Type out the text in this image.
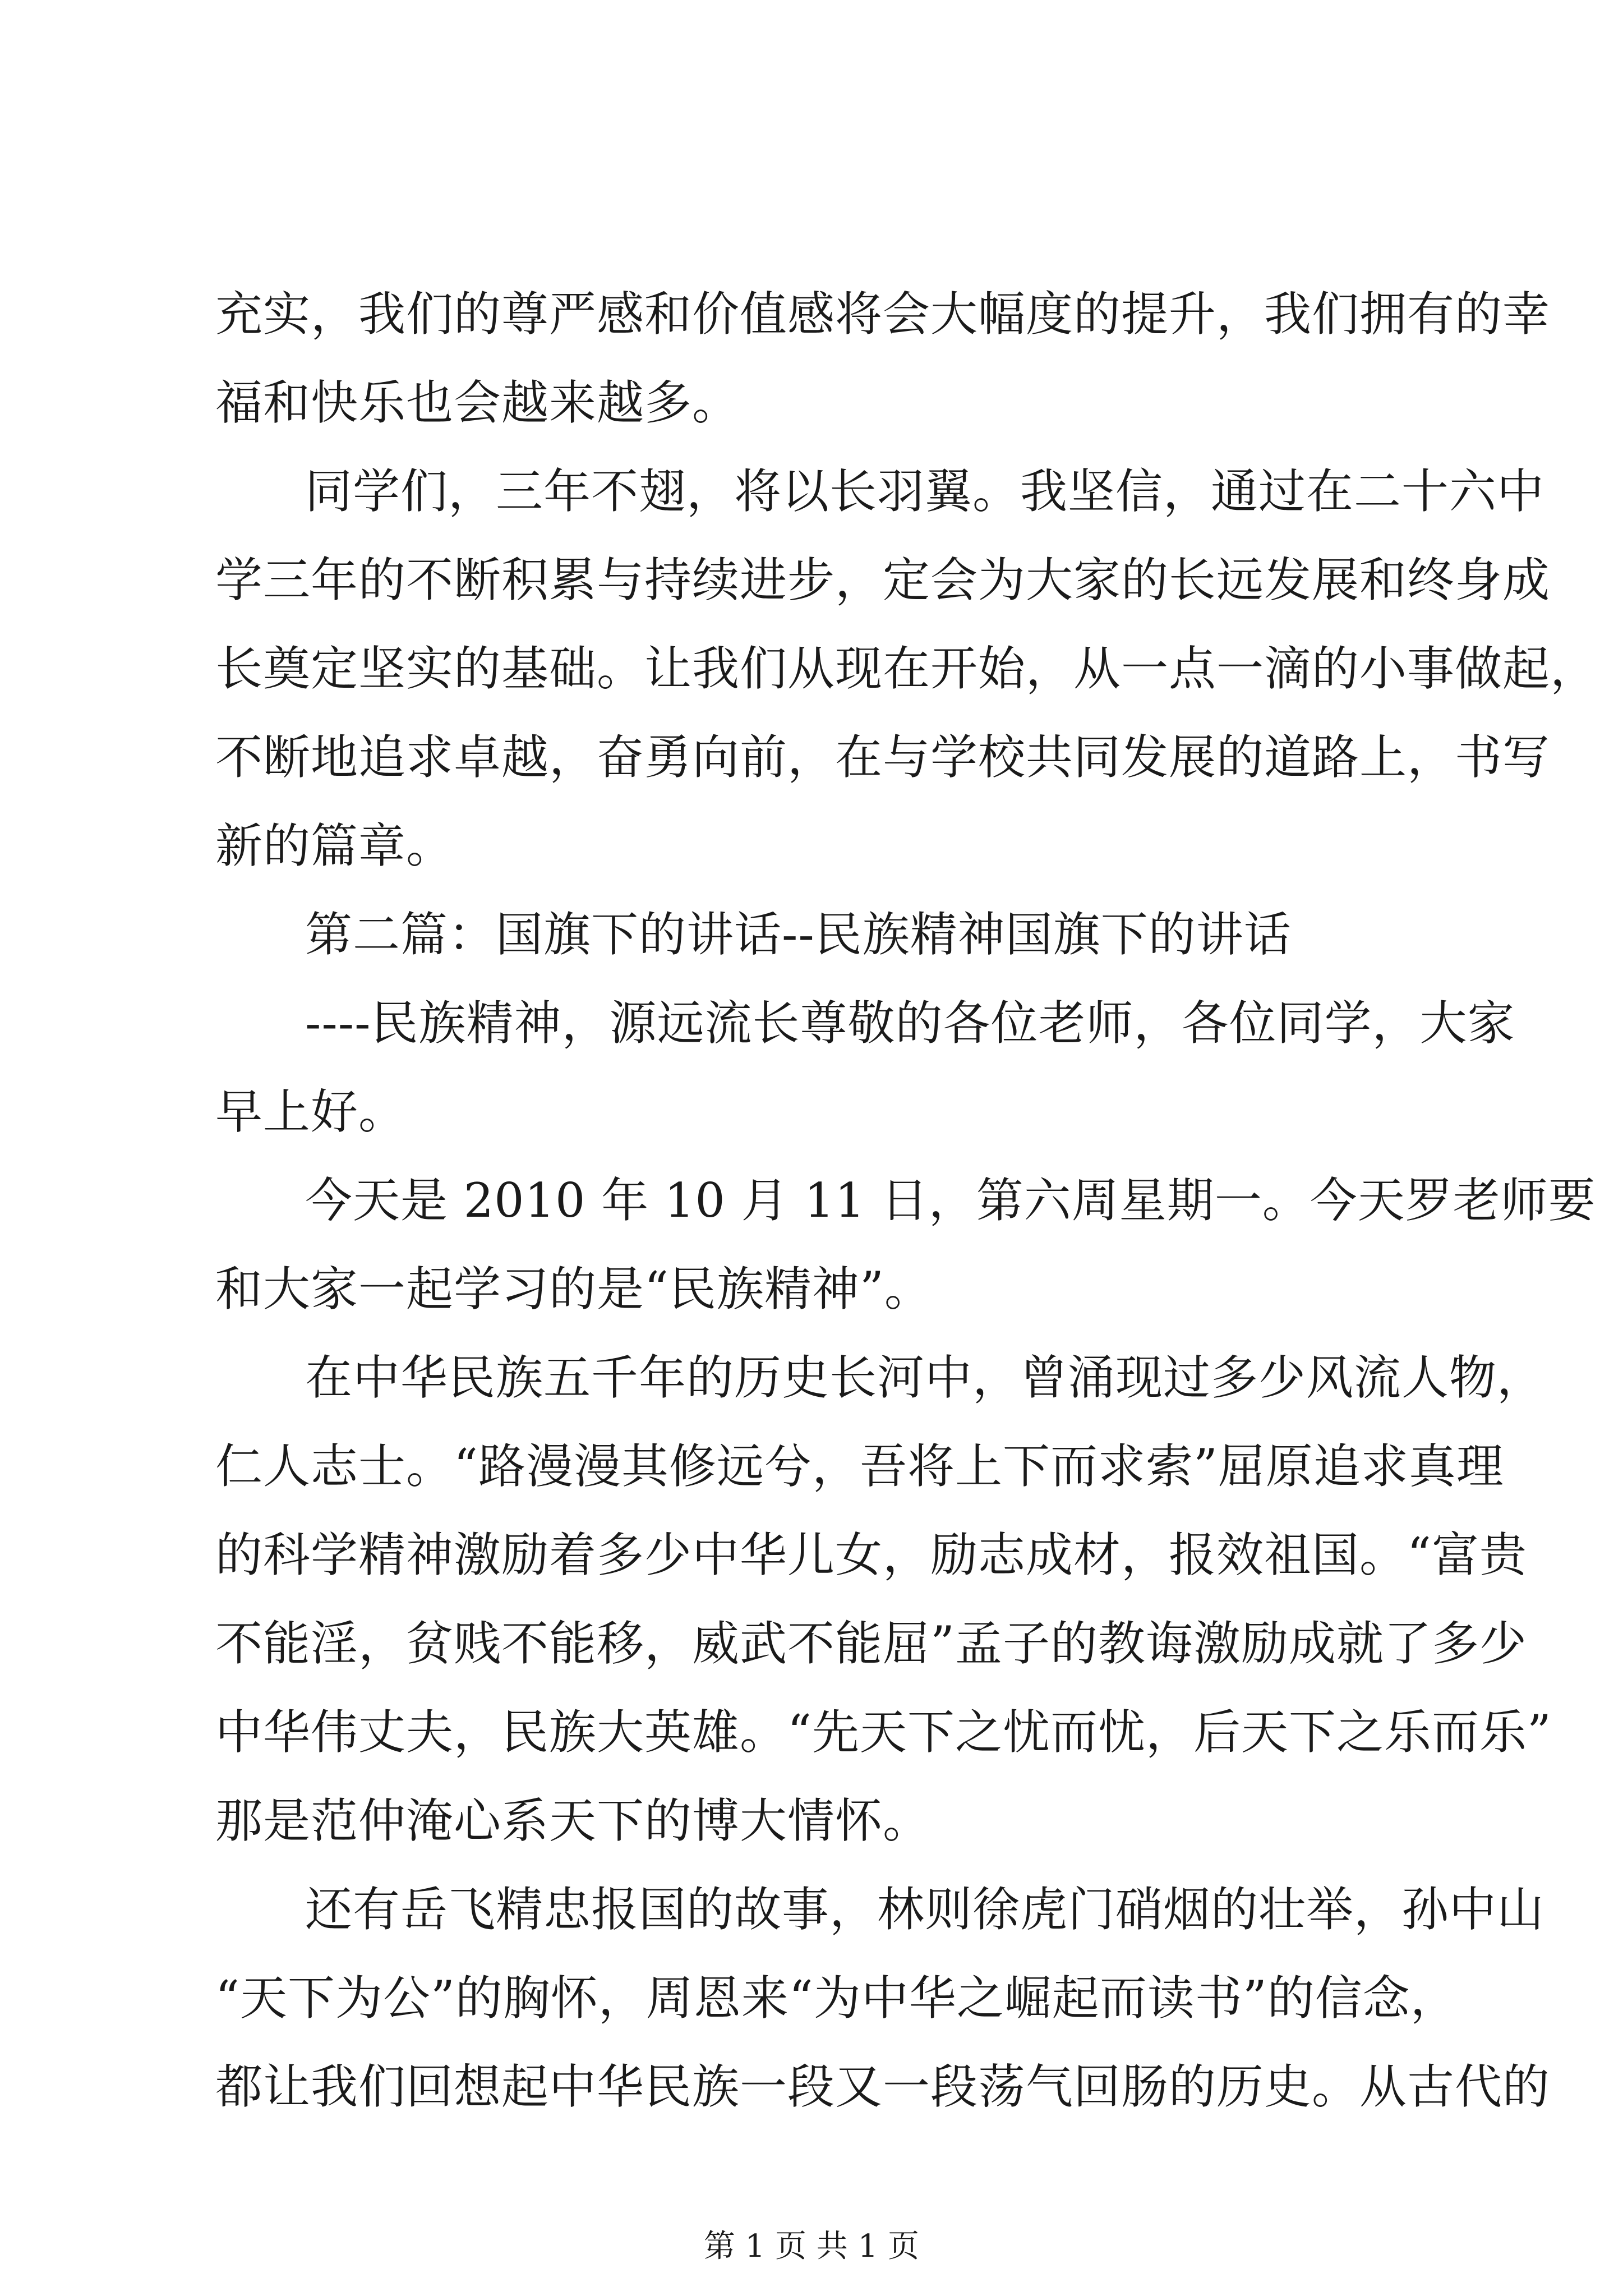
充实，我们的尊严感和价值感将会大幅度的提升，我们拥有的幸
福和快乐也会越来越多。
同学们，三年不翅，将以长羽翼。我坚信，通过在二十六中
学三年的不断积累与持续进步，定会为大家的长远发展和终身成
长奠定坚实的基础。让我们从现在开始，从一点一滴的小事做起，
不断地追求卓越，奋勇向前，在与学校共同发展的道路上，书写
新的篇章。
第二篇：国旗下的讲话--民族精神国旗下的讲话
----民族精神，源远流长尊敬的各位老师，各位同学，大家
早上好。
今天是 2010 年 10 月 11 日，第六周星期一。今天罗老师要
和大家一起学习的是“民族精神”。
在中华民族五千年的历史长河中，曾涌现过多少风流人物，
仁人志士。“路漫漫其修远兮，吾将上下而求索”屈原追求真理
的科学精神激励着多少中华儿女，励志成材，报效祖国。“富贵
不能淫，贫贱不能移，威武不能屈”孟子的教诲激励成就了多少
中华伟丈夫，民族大英雄。“先天下之忧而忧，后天下之乐而乐”
那是范仲淹心系天下的博大情怀。
还有岳飞精忠报国的故事，林则徐虎门硝烟的壮举，孙中山
“天下为公”的胸怀，周恩来“为中华之崛起而读书”的信念，
都让我们回想起中华民族一段又一段荡气回肠的历史。从古代的
第 1 页 共 1 页
